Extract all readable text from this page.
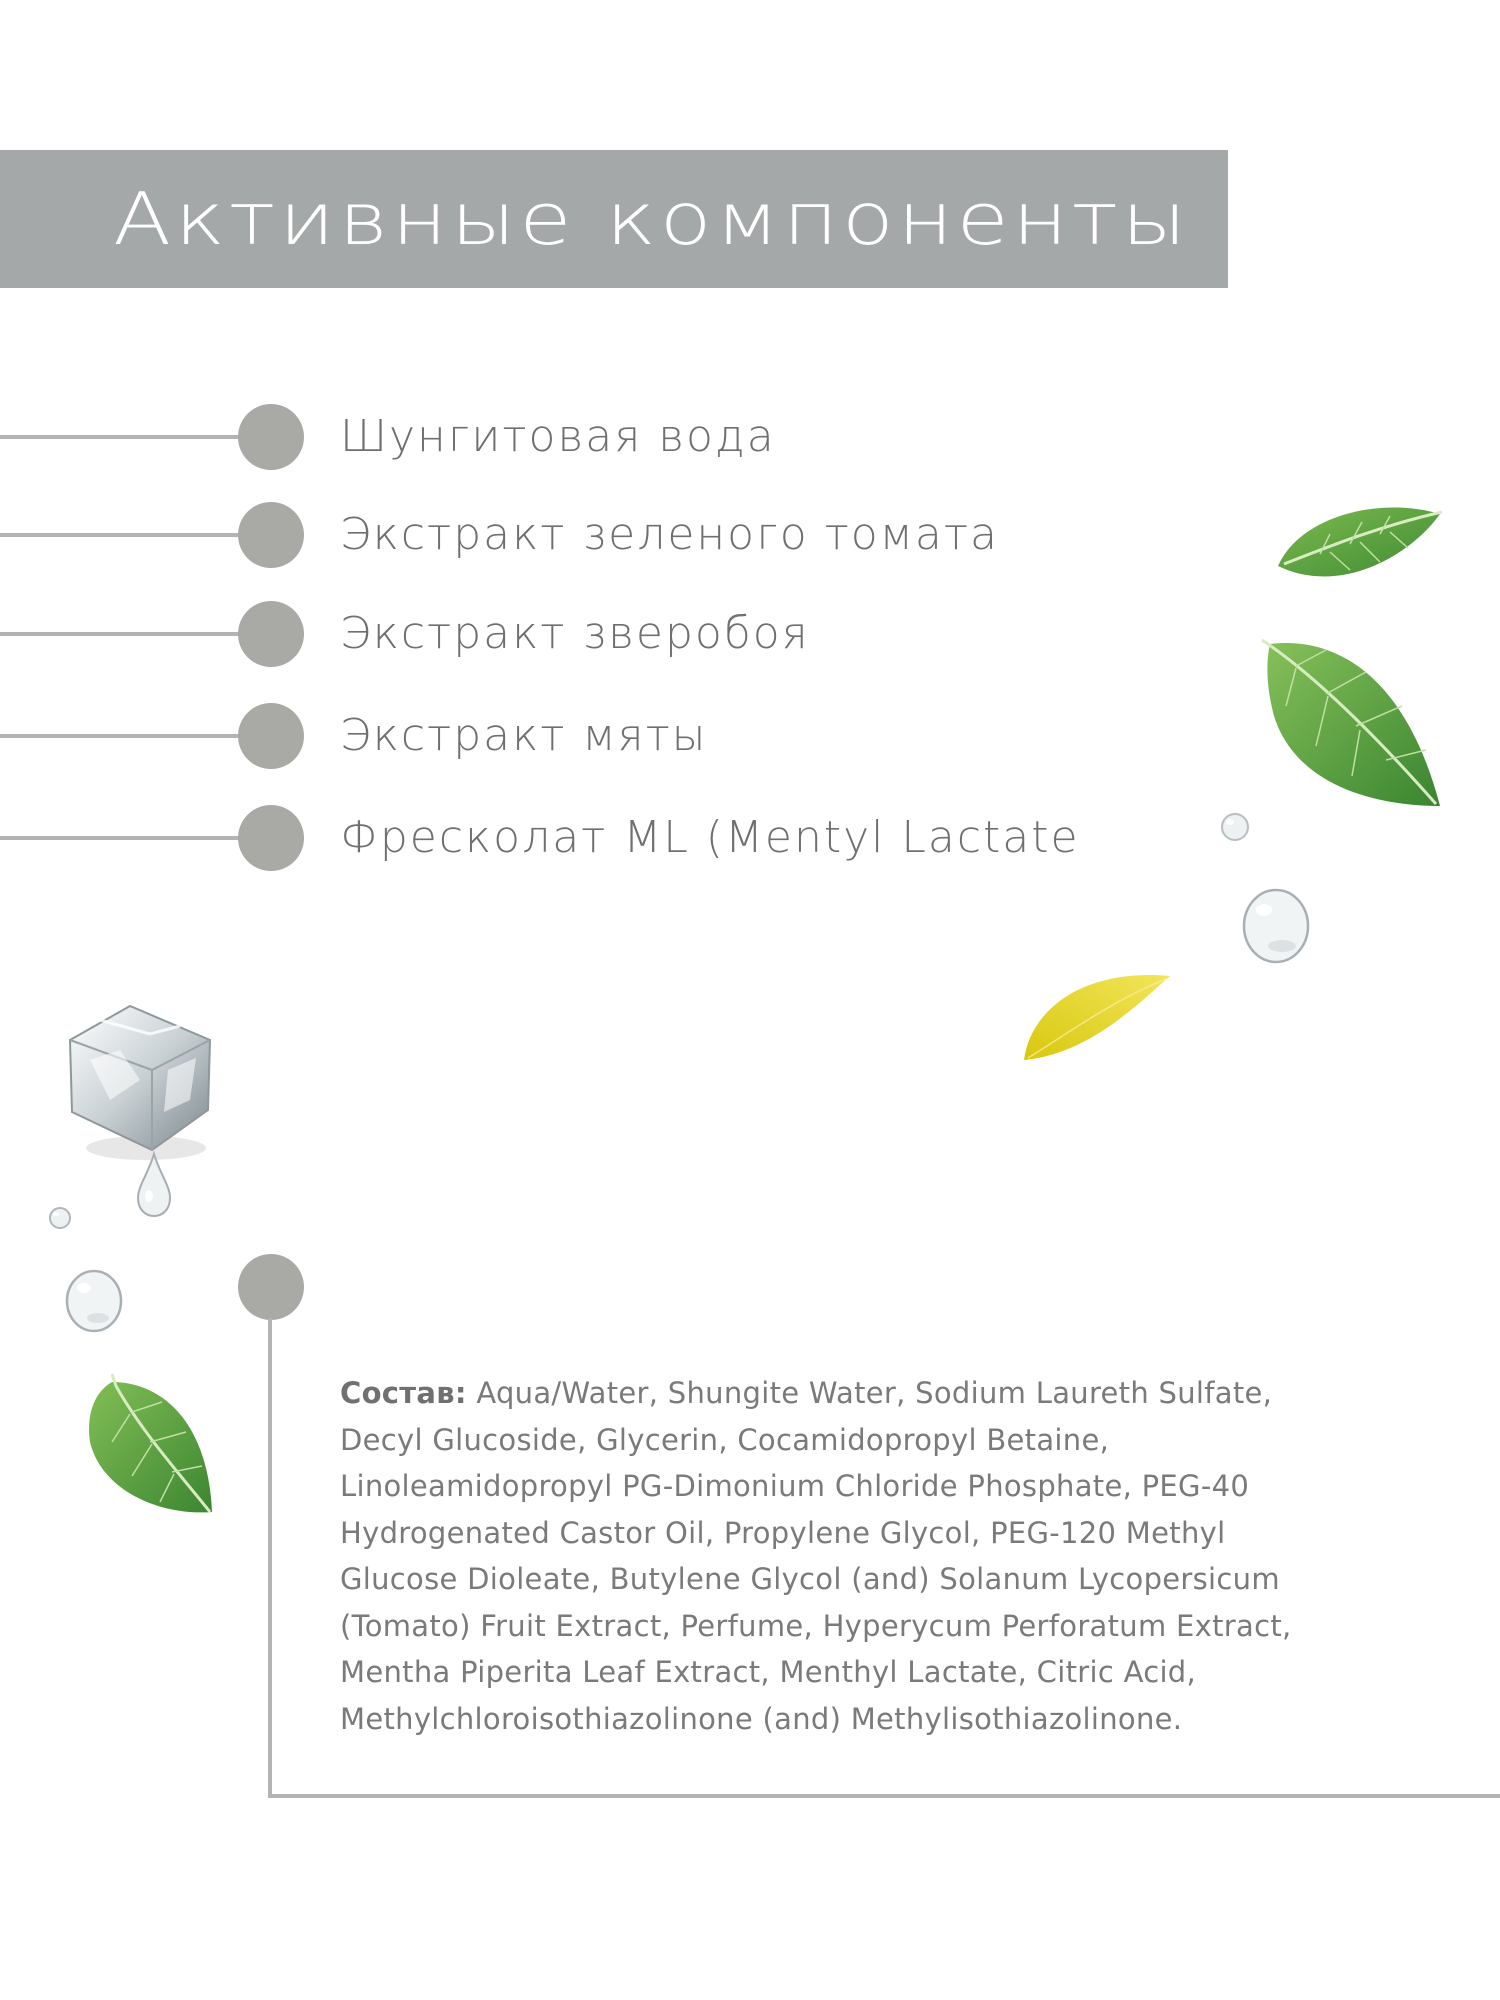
Активные компоненты
Шунгитовая вода
Экстракт зеленого томата
Экстракт зверобоя
Экстракт мяты
Фресколат ML (Mentyl Lactate
Состав: Aqua/Water, Shungite Water, Sodium Laureth Sulfate, Decyl Glucoside, Glycerin, Cocamidopropyl Betaine, Linoleamidopropyl PG-Dimonium Chloride Phosphate, PEG-40 Hydrogenated Castor Oil, Propylene Glycol, PEG-120 Methyl Glucose Dioleate, Butylene Glycol (and) Solanum Lycopersicum (Tomato) Fruit Extract, Perfume, Hyperycum Perforatum Extract, Mentha Piperita Leaf Extract, Menthyl Lactate, Citric Acid, Methylchloroisothiazolinone (and) Methylisothiazolinone.
